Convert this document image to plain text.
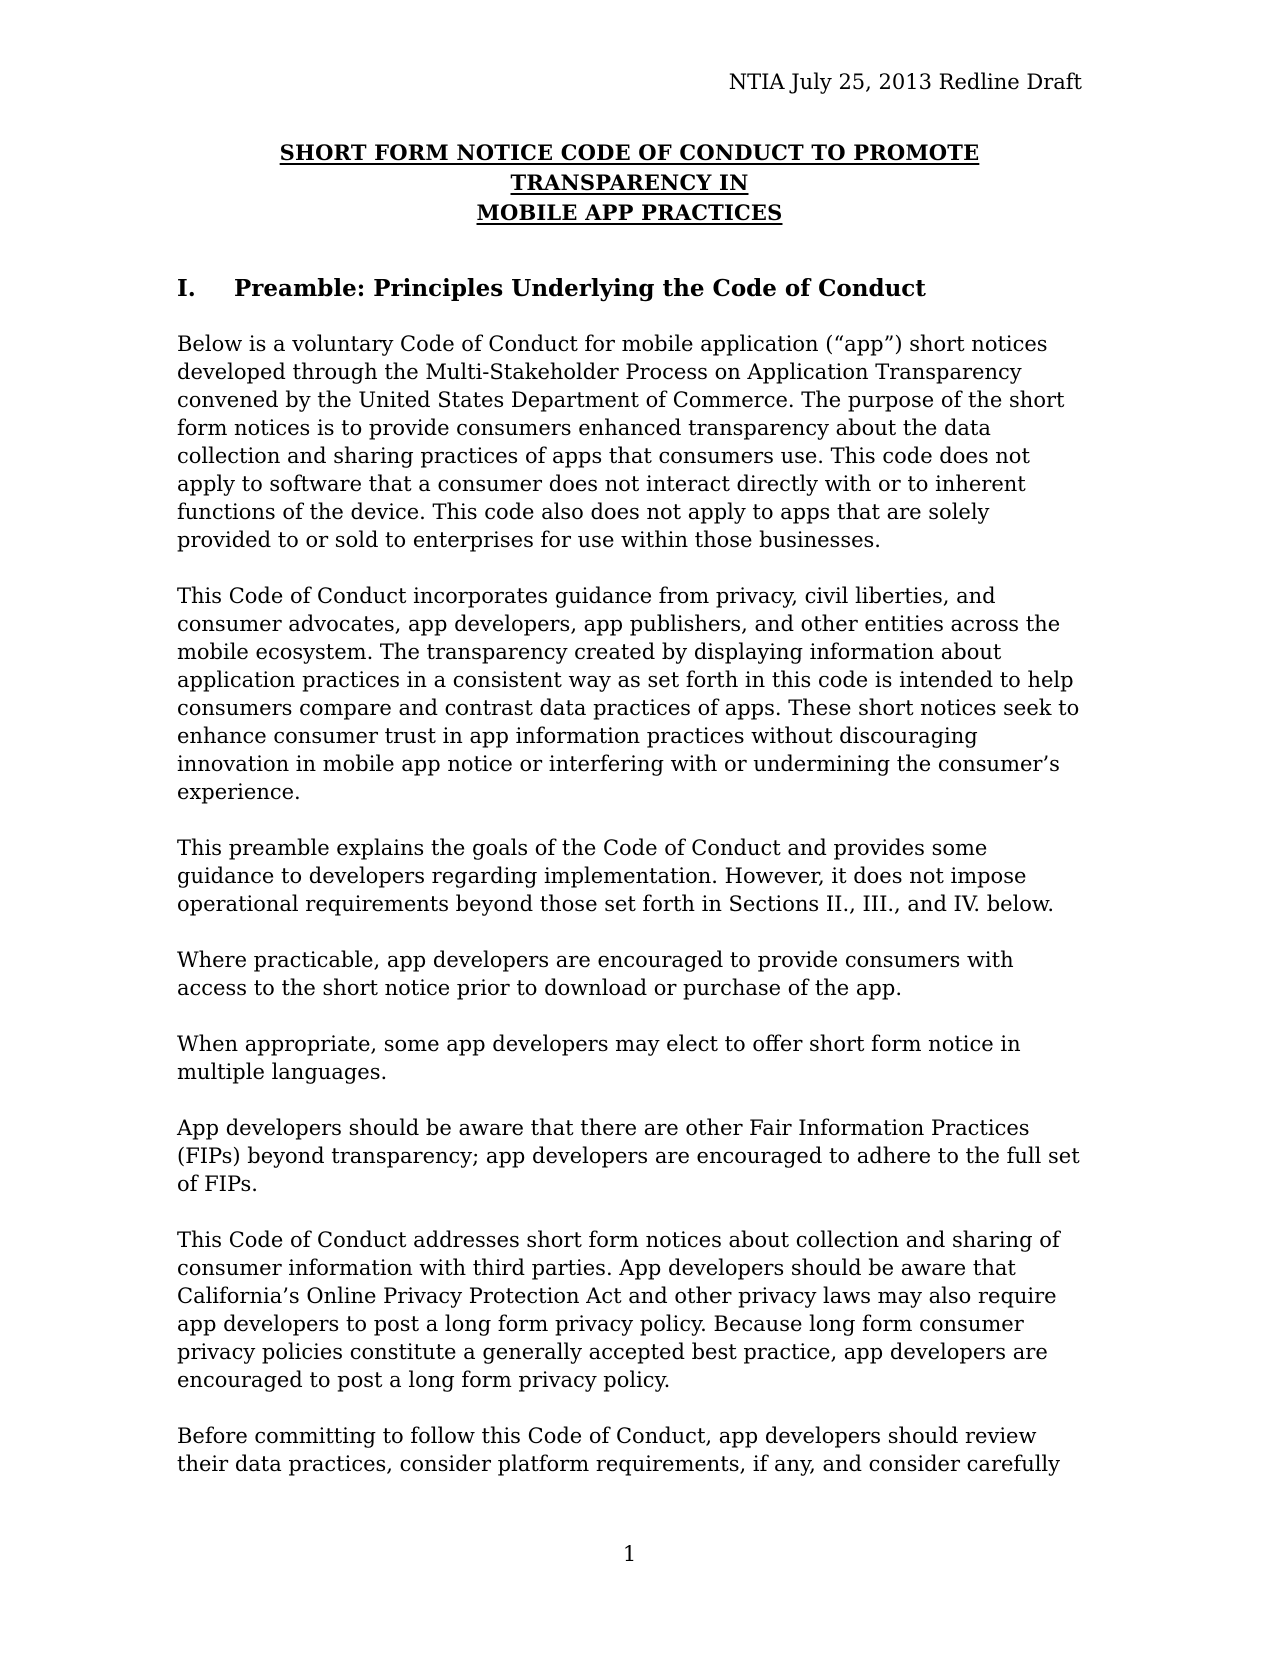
NTIA July 25, 2013 Redline Draft
SHORT FORM NOTICE CODE OF CONDUCT TO PROMOTE TRANSPARENCY IN
MOBILE APP PRACTICES
I.	Preamble: Principles Underlying the Code of Conduct

Below is a voluntary Code of Conduct for mobile application (“app”) short notices developed through the Multi-Stakeholder Process on Application Transparency convened by the United States Department of Commerce. The purpose of the short form notices is to provide consumers enhanced transparency about the data collection and sharing practices of apps that consumers use. This code does not apply to software that a consumer does not interact directly with or to inherent functions of the device. This code also does not apply to apps that are solely provided to or sold to enterprises for use within those businesses.

This Code of Conduct incorporates guidance from privacy, civil liberties, and consumer advocates, app developers, app publishers, and other entities across the mobile ecosystem. The transparency created by displaying information about application practices in a consistent way as set forth in this code is intended to help consumers compare and contrast data practices of apps. These short notices seek to enhance consumer trust in app information practices without discouraging innovation in mobile app notice or interfering with or undermining the consumer’s experience.

This preamble explains the goals of the Code of Conduct and provides some guidance to developers regarding implementation. However, it does not impose operational requirements beyond those set forth in Sections II., III., and IV. below.

Where practicable, app developers are encouraged to provide consumers with access to the short notice prior to download or purchase of the app.

When appropriate, some app developers may elect to offer short form notice in multiple languages.

App developers should be aware that there are other Fair Information Practices (FIPs) beyond transparency; app developers are encouraged to adhere to the full set of FIPs.

This Code of Conduct addresses short form notices about collection and sharing of consumer information with third parties. App developers should be aware that California’s Online Privacy Protection Act and other privacy laws may also require app developers to post a long form privacy policy. Because long form consumer privacy policies constitute a generally accepted best practice, app developers are encouraged to post a long form privacy policy.

Before committing to follow this Code of Conduct, app developers should review their data practices, consider platform requirements, if any, and consider carefully

1
